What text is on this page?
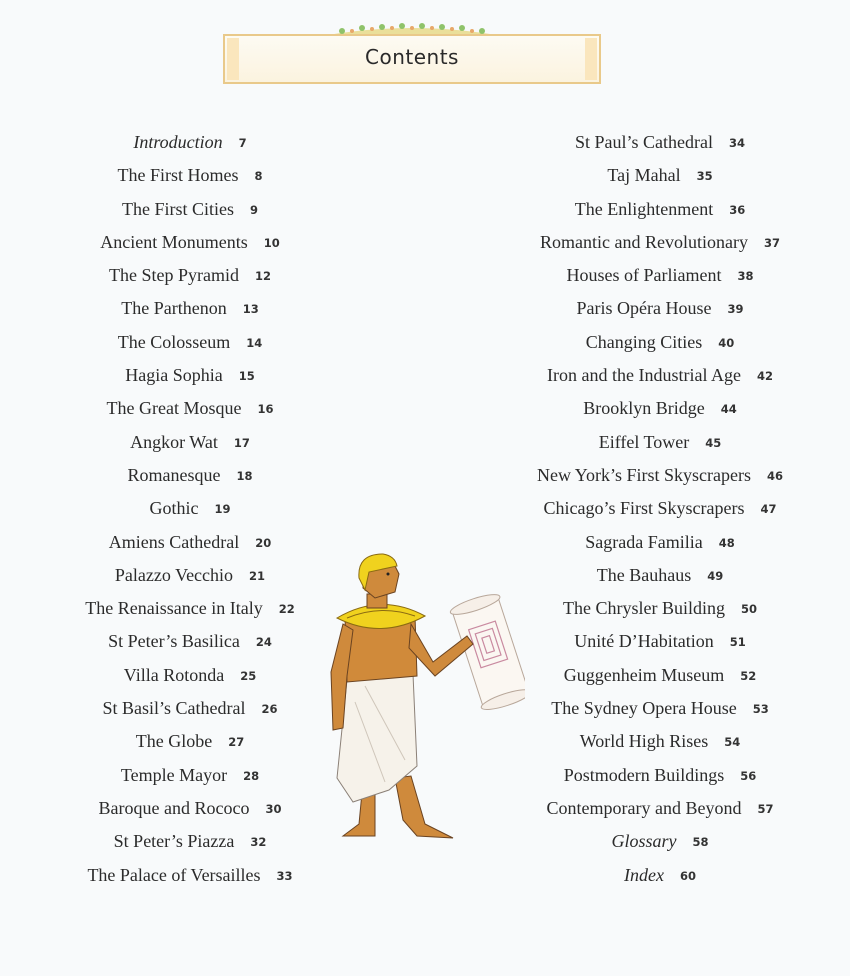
Contents
Introduction 7
The First Homes 8
The First Cities 9
Ancient Monuments 10
The Step Pyramid 12
The Parthenon 13
The Colosseum 14
Hagia Sophia 15
The Great Mosque 16
Angkor Wat 17
Romanesque 18
Gothic 19
Amiens Cathedral 20
Palazzo Vecchio 21
The Renaissance in Italy 22
St Peter’s Basilica 24
Villa Rotonda 25
St Basil’s Cathedral 26
The Globe 27
Temple Mayor 28
Baroque and Rococo 30
St Peter’s Piazza 32
The Palace of Versailles 33
St Paul’s Cathedral 34
Taj Mahal 35
The Enlightenment 36
Romantic and Revolutionary 37
Houses of Parliament 38
Paris Opéra House 39
Changing Cities 40
Iron and the Industrial Age 42
Brooklyn Bridge 44
Eiffel Tower 45
New York’s First Skyscrapers 46
Chicago’s First Skyscrapers 47
Sagrada Familia 48
The Bauhaus 49
The Chrysler Building 50
Unité D’Habitation 51
Guggenheim Museum 52
The Sydney Opera House 53
World High Rises 54
Postmodern Buildings 56
Contemporary and Beyond 57
Glossary 58
Index 60
